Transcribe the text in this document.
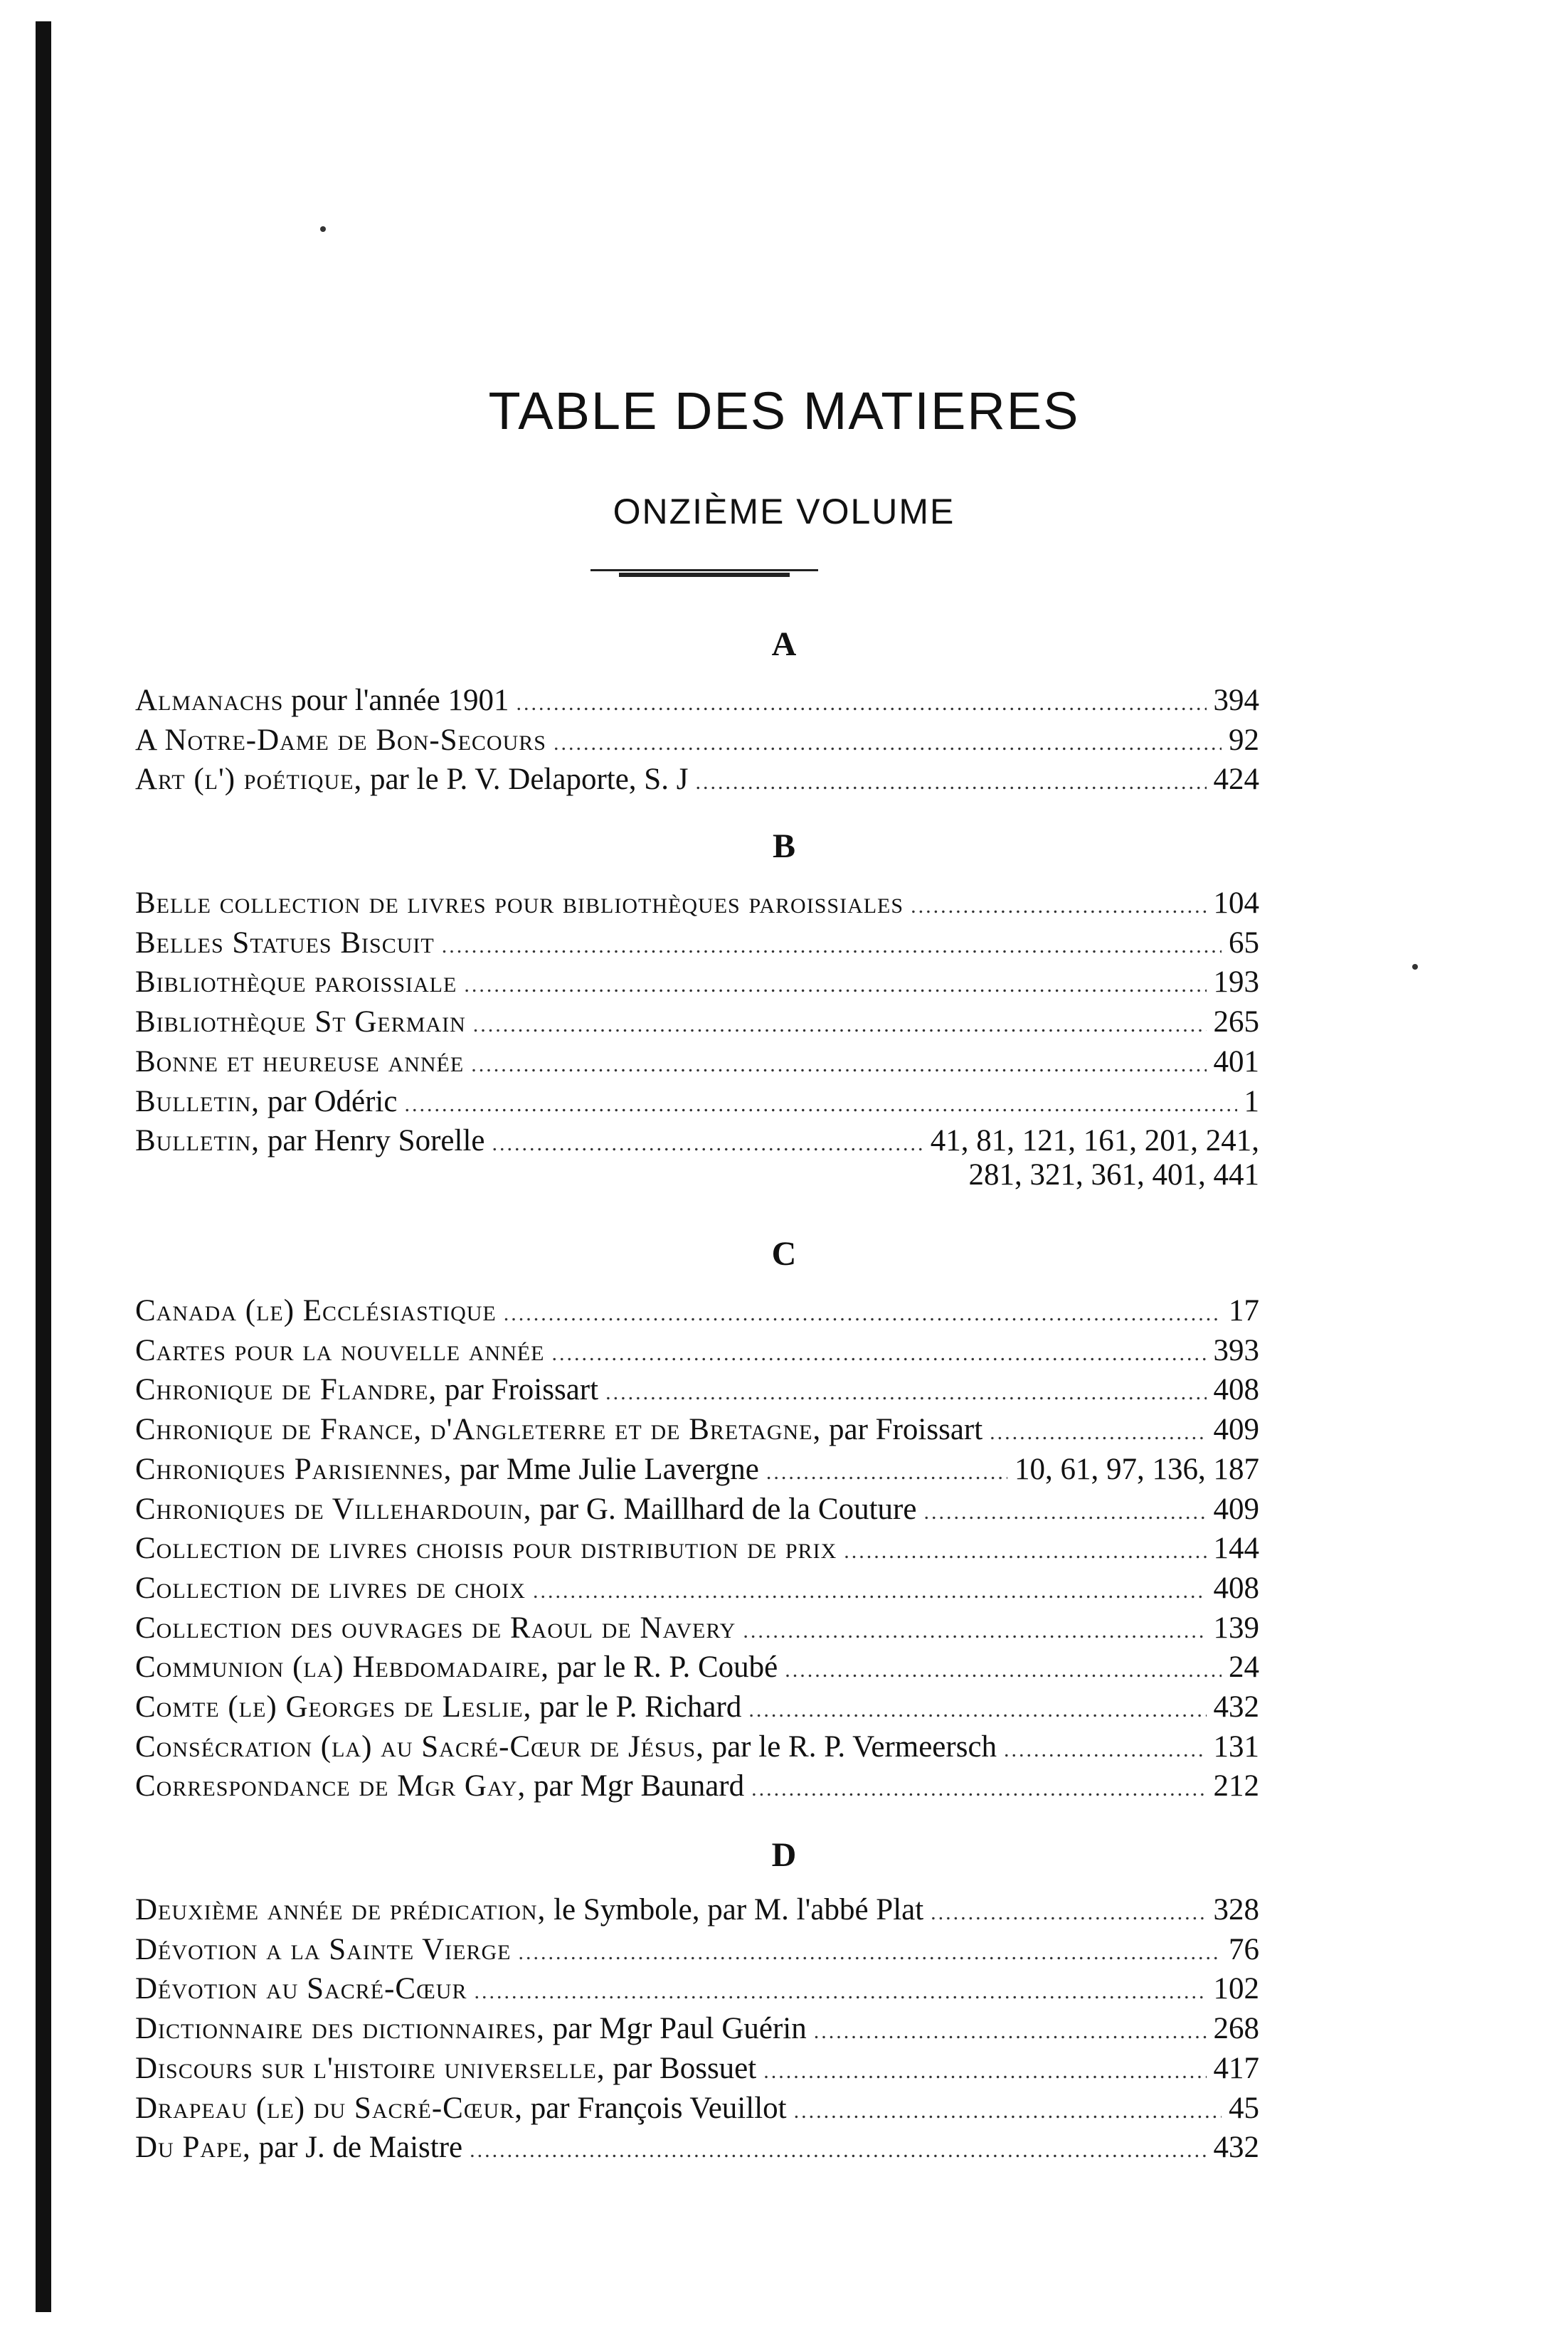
TABLE DES MATIERES
ONZIÈME VOLUME
A
Almanachs pour l'année 1901 .....	394
A Notre-Dame de Bon-Secours .....	92
Art (l') poétique, par le P. V. Delaporte, S. J .....	424
B
Belle collection de livres pour bibliothèques paroissiales .....	104
Belles Statues Biscuit .....	65
Bibliothèque paroissiale .....	193
Bibliothèque St Germain .....	265
Bonne et heureuse année .....	401
Bulletin, par Odéric .....	1
Bulletin, par Henry Sorelle .....	41, 81, 121, 161, 201, 241,
281, 321, 361, 401, 441
C
Canada (le) Ecclésiastique .....	17
Cartes pour la nouvelle année .....	393
Chronique de Flandre, par Froissart .....	408
Chronique de France, d'Angleterre et de Bretagne, par Froissart .....	409
Chroniques Parisiennes, par Mme Julie Lavergne .....	10, 61, 97, 136, 187
Chroniques de Villehardouin, par G. Maillhard de la Couture .....	409
Collection de livres choisis pour distribution de prix .....	144
Collection de livres de choix .....	408
Collection des ouvrages de Raoul de Navery .....	139
Communion (la) Hebdomadaire, par le R. P. Coubé .....	24
Comte (le) Georges de Leslie, par le P. Richard .....	432
Consécration (la) au Sacré-Cœur de Jésus, par le R. P. Vermeersch .....	131
Correspondance de Mgr Gay, par Mgr Baunard .....	212
D
Deuxième année de prédication, le Symbole, par M. l'abbé Plat .....	328
Dévotion a la Sainte Vierge .....	76
Dévotion au Sacré-Cœur .....	102
Dictionnaire des dictionnaires, par Mgr Paul Guérin .....	268
Discours sur l'histoire universelle, par Bossuet .....	417
Drapeau (le) du Sacré-Cœur, par François Veuillot .....	45
Du Pape, par J. de Maistre .....	432
